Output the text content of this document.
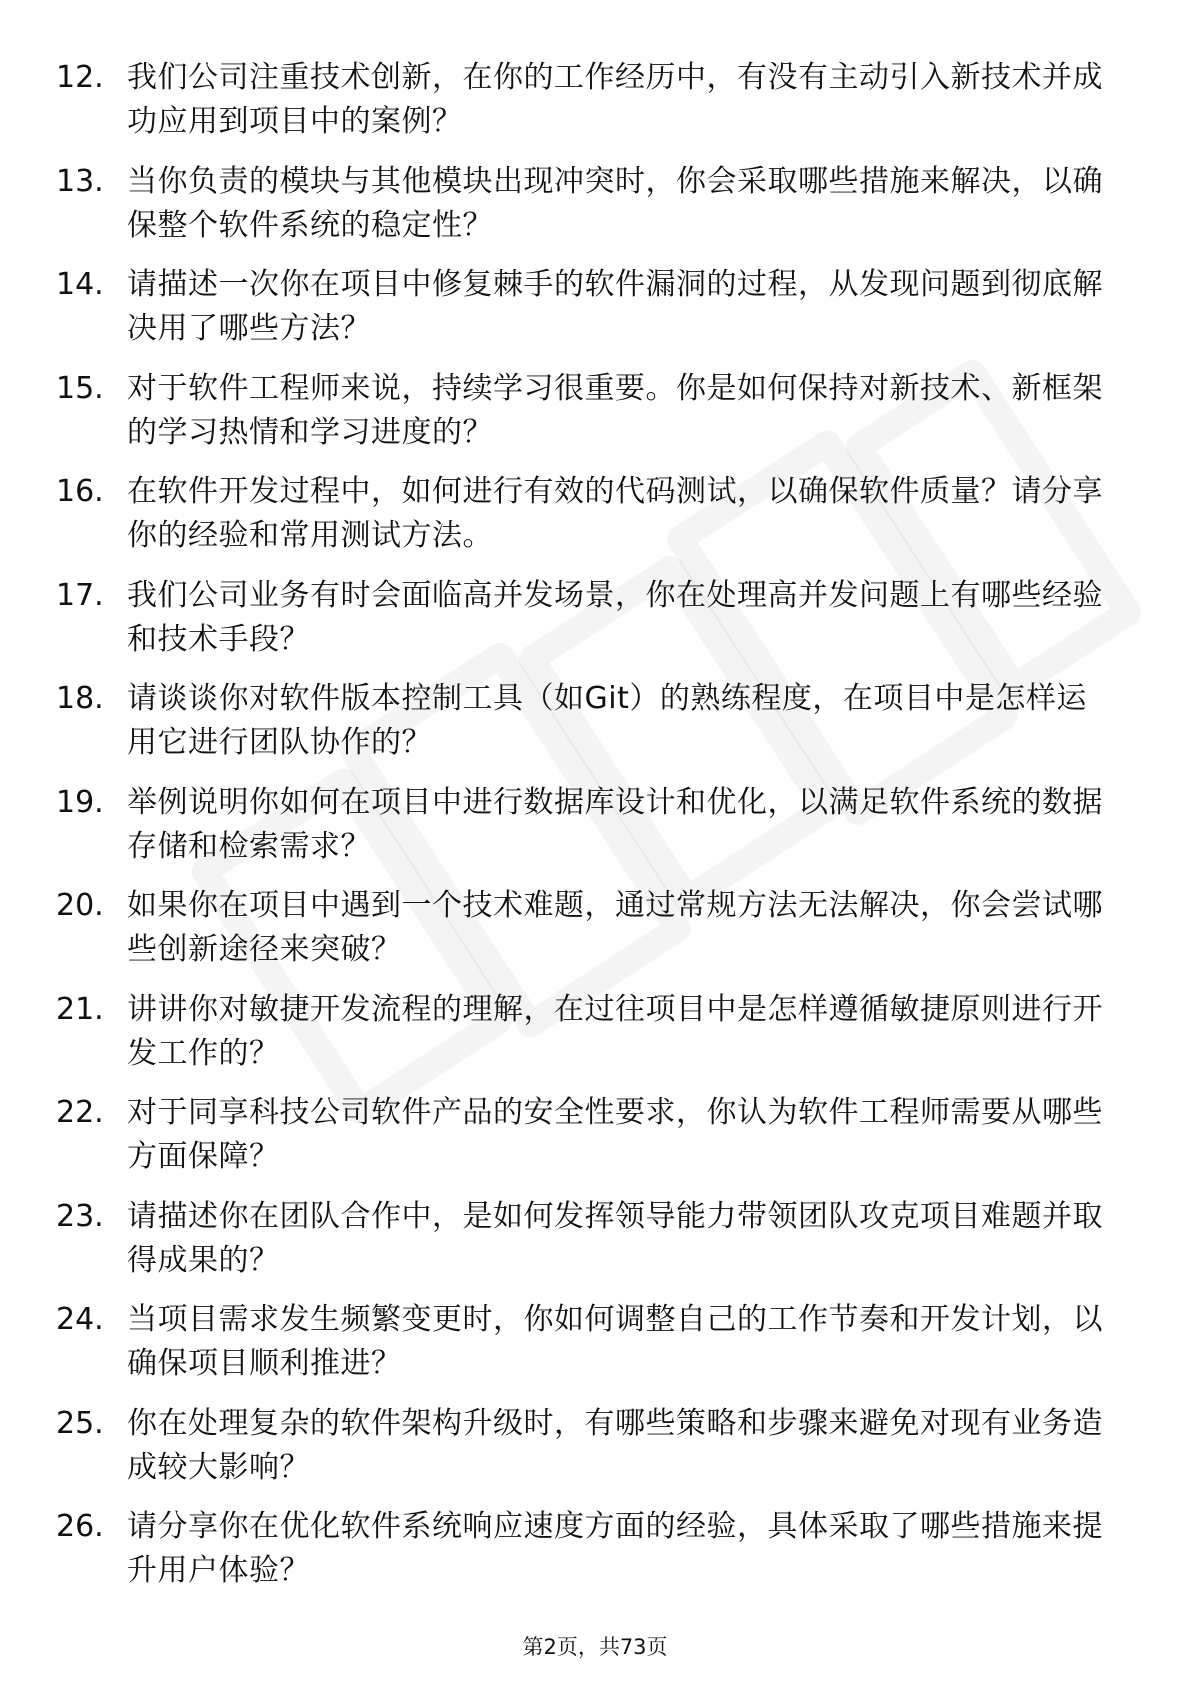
12. 我们公司注重技术创新，在你的工作经历中，有没有主动引入新技术并成功应用到项目中的案例？
13. 当你负责的模块与其他模块出现冲突时，你会采取哪些措施来解决，以确保整个软件系统的稳定性？
14. 请描述一次你在项目中修复棘手的软件漏洞的过程，从发现问题到彻底解决用了哪些方法？
15. 对于软件工程师来说，持续学习很重要。你是如何保持对新技术、新框架的学习热情和学习进度的？
16. 在软件开发过程中，如何进行有效的代码测试，以确保软件质量？请分享你的经验和常用测试方法。
17. 我们公司业务有时会面临高并发场景，你在处理高并发问题上有哪些经验和技术手段？
18. 请谈谈你对软件版本控制工具（如Git）的熟练程度，在项目中是怎样运用它进行团队协作的？
19. 举例说明你如何在项目中进行数据库设计和优化，以满足软件系统的数据存储和检索需求？
20. 如果你在项目中遇到一个技术难题，通过常规方法无法解决，你会尝试哪些创新途径来突破？
21. 讲讲你对敏捷开发流程的理解，在过往项目中是怎样遵循敏捷原则进行开发工作的？
22. 对于同享科技公司软件产品的安全性要求，你认为软件工程师需要从哪些方面保障？
23. 请描述你在团队合作中，是如何发挥领导能力带领团队攻克项目难题并取得成果的？
24. 当项目需求发生频繁变更时，你如何调整自己的工作节奏和开发计划，以确保项目顺利推进？
25. 你在处理复杂的软件架构升级时，有哪些策略和步骤来避免对现有业务造成较大影响？
26. 请分享你在优化软件系统响应速度方面的经验，具体采取了哪些措施来提升用户体验？
第2页，共73页
